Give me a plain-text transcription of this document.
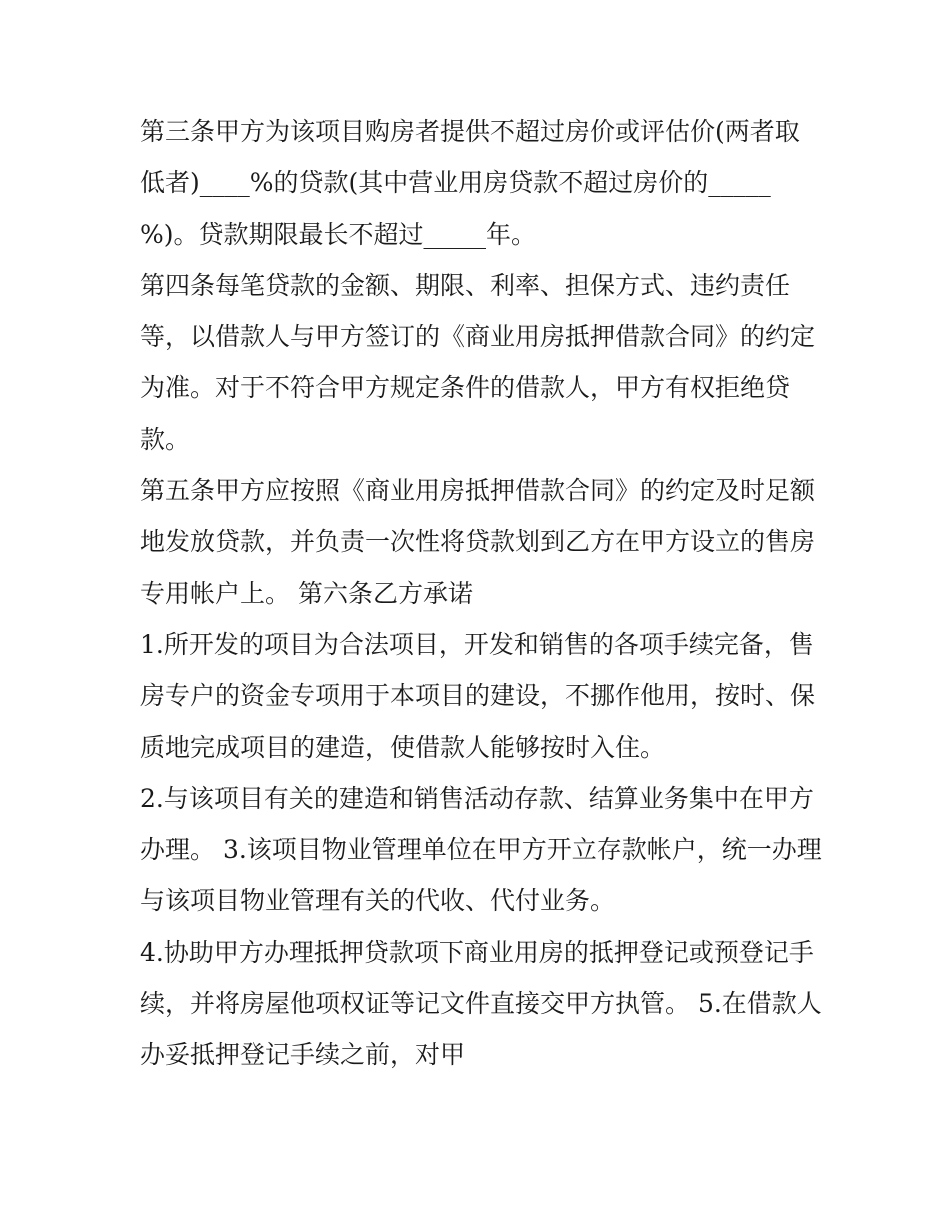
第三条甲方为该项目购房者提供不超过房价或评估价(两者取
低者)____%的贷款(其中营业用房贷款不超过房价的_____
%)。贷款期限最长不超过_____年。
第四条每笔贷款的金额、期限、利率、担保方式、违约责任
等，以借款人与甲方签订的《商业用房抵押借款合同》的约定
为准。对于不符合甲方规定条件的借款人，甲方有权拒绝贷
款。
第五条甲方应按照《商业用房抵押借款合同》的约定及时足额
地发放贷款，并负责一次性将贷款划到乙方在甲方设立的售房
专用帐户上。 第六条乙方承诺
1.所开发的项目为合法项目，开发和销售的各项手续完备，售
房专户的资金专项用于本项目的建设，不挪作他用，按时、保
质地完成项目的建造，使借款人能够按时入住。
2.与该项目有关的建造和销售活动存款、结算业务集中在甲方
办理。 3.该项目物业管理单位在甲方开立存款帐户，统一办理
与该项目物业管理有关的代收、代付业务。
4.协助甲方办理抵押贷款项下商业用房的抵押登记或预登记手
续，并将房屋他项权证等记文件直接交甲方执管。 5.在借款人
办妥抵押登记手续之前，对甲
